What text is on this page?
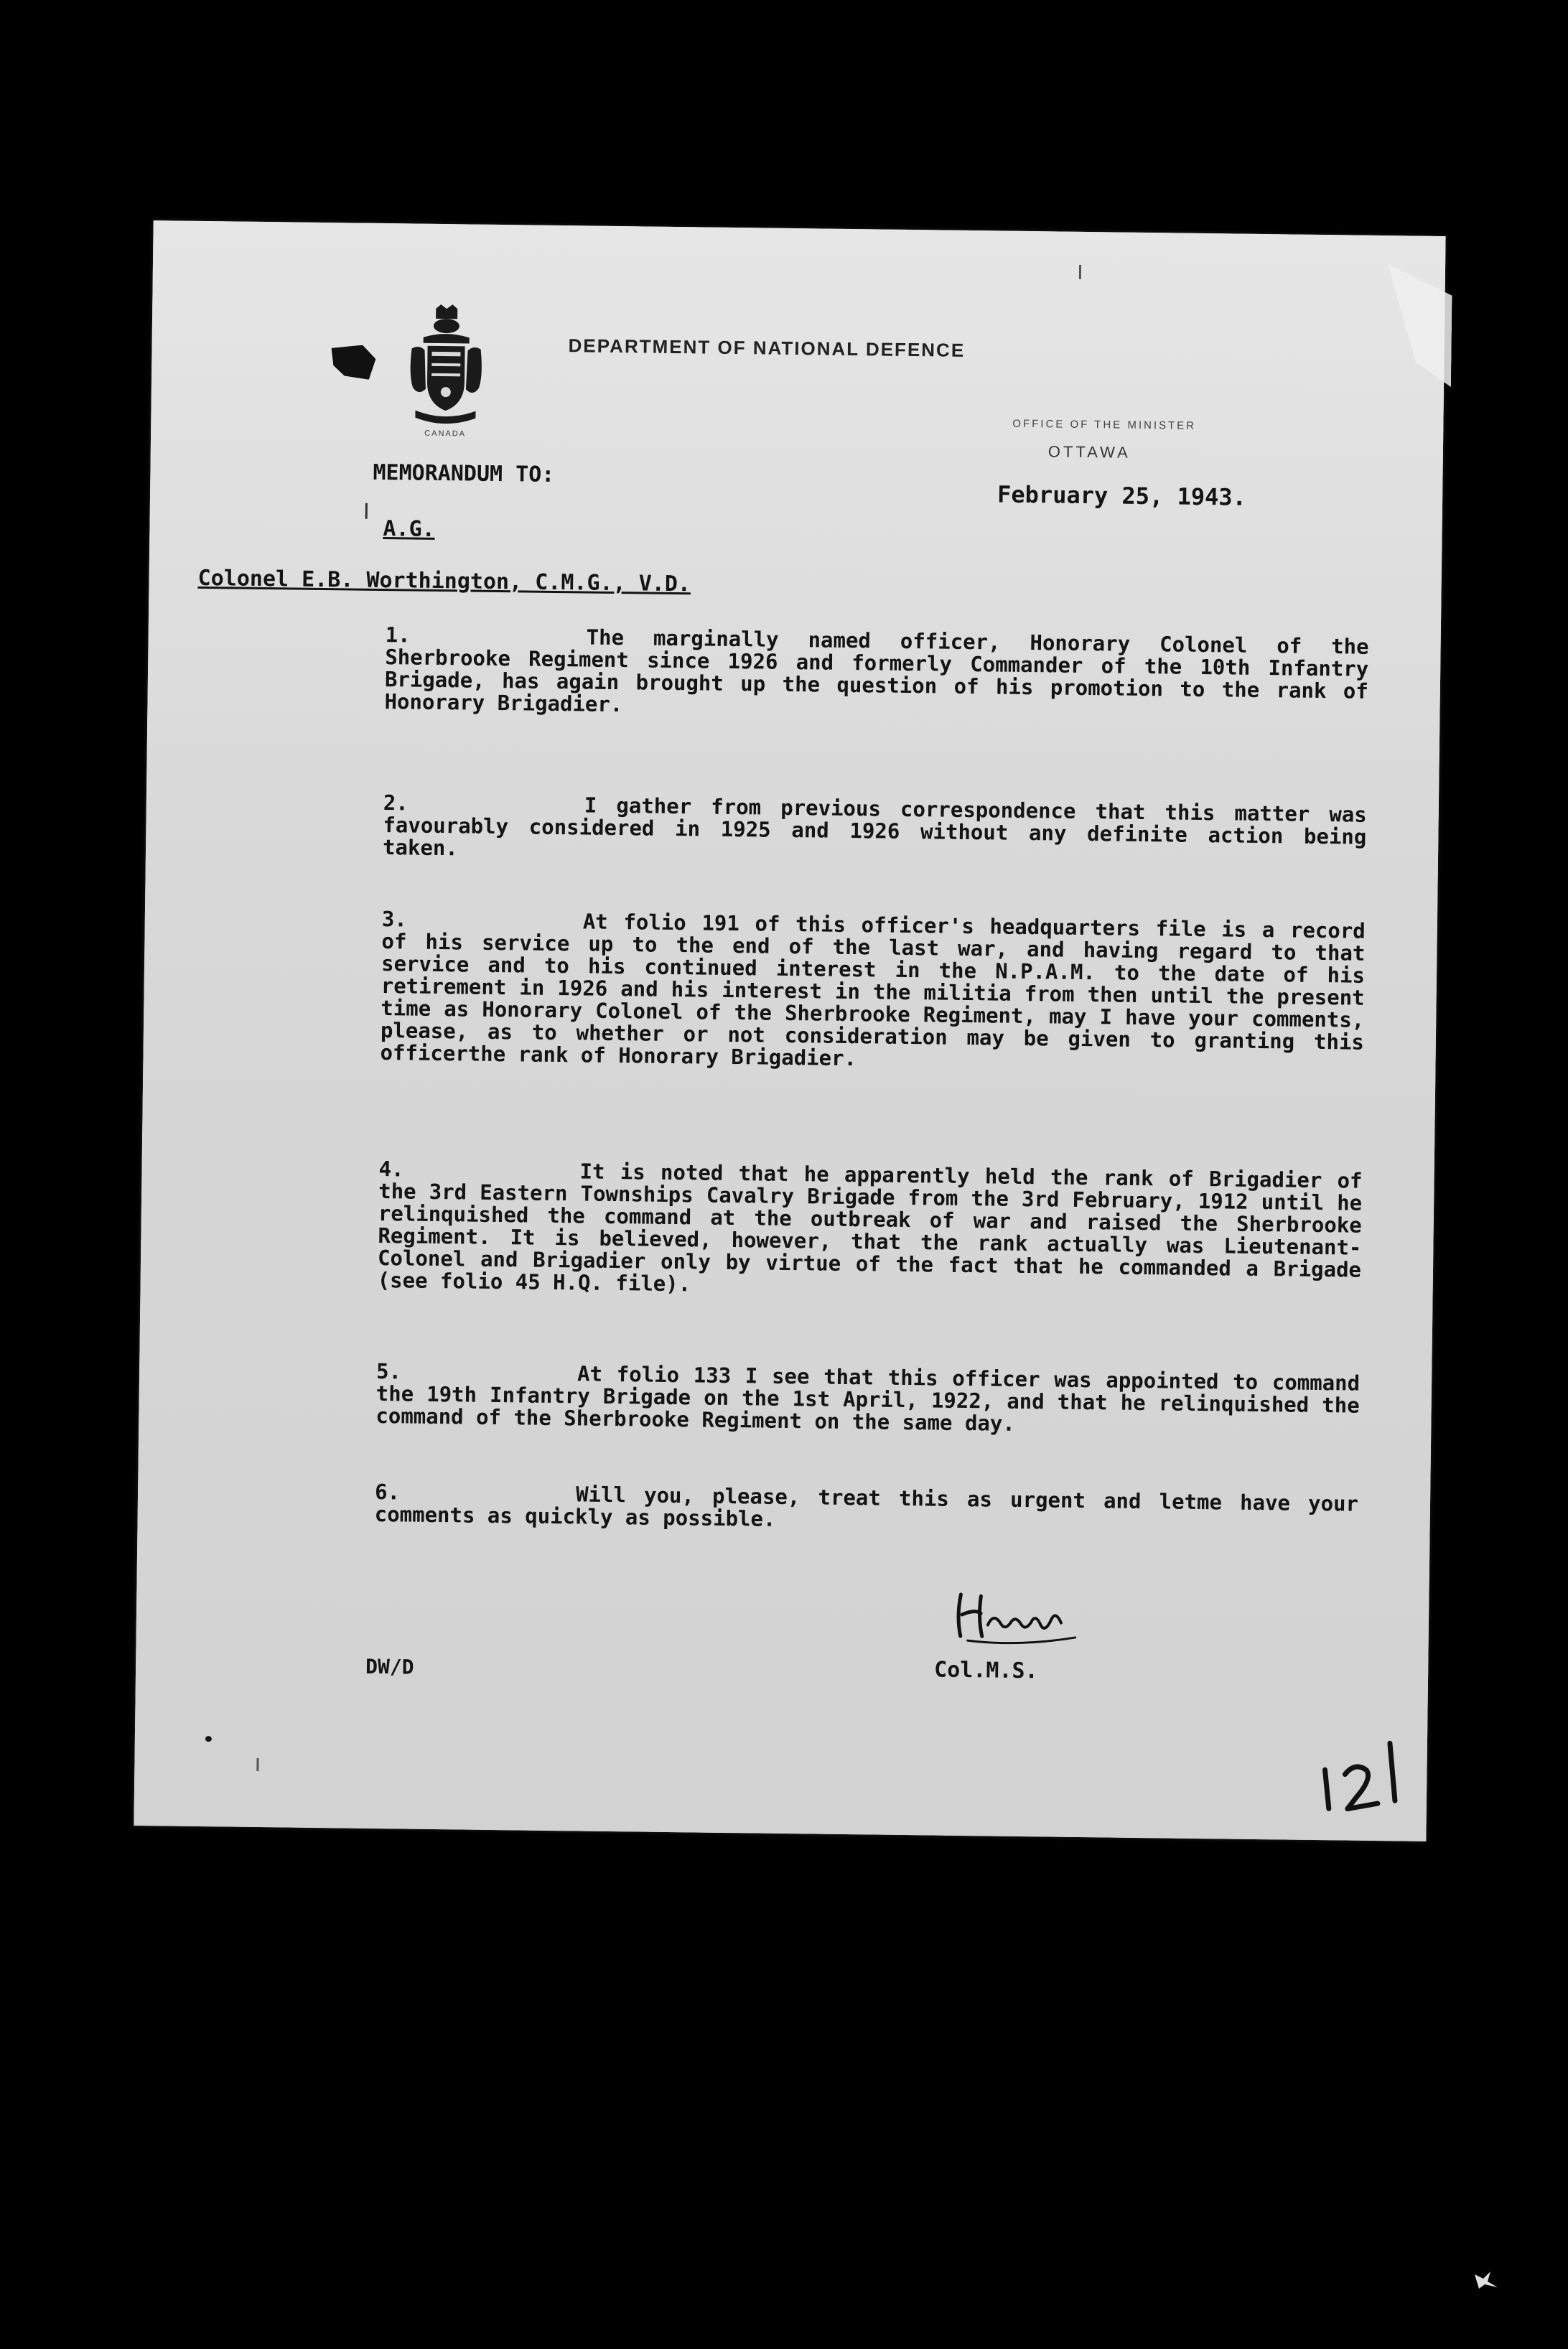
CANADA
DEPARTMENT OF NATIONAL DEFENCE
OFFICE OF THE MINISTER
OTTAWA
MEMORANDUM TO:
February 25, 1943.
A.G.
Colonel E.B. Worthington, C.M.G., V.D.
1.	The marginally named officer, Honorary Colonel of the Sherbrooke Regiment since 1926 and formerly Commander of the 10th Infantry Brigade, has again brought up the question of his promotion to the rank of Honorary Brigadier.
2.	I gather from previous correspondence that this matter was favourably considered in 1925 and 1926 without any definite action being taken.
3.	At folio 191 of this officer's headquarters file is a record of his service up to the end of the last war, and having regard to that service and to his continued interest in the N.P.A.M. to the date of his retirement in 1926 and his interest in the militia from then until the present time as Honorary Colonel of the Sherbrooke Regiment, may I have your comments, please, as to whether or not consideration may be given to granting this officerthe rank of Honorary Brigadier.
4.	It is noted that he apparently held the rank of Brigadier of the 3rd Eastern Townships Cavalry Brigade from the 3rd February, 1912 until he relinquished the command at the outbreak of war and raised the Sherbrooke Regiment. It is believed, however, that the rank actually was Lieutenant-Colonel and Brigadier only by virtue of the fact that he commanded a Brigade (see folio 45 H.Q. file).
5.	At folio 133 I see that this officer was appointed to command the 19th Infantry Brigade on the 1st April, 1922, and that he relinquished the command of the Sherbrooke Regiment on the same day.
6.	Will you, please, treat this as urgent and letme have your comments as quickly as possible.
DW/D	Col.M.S.
